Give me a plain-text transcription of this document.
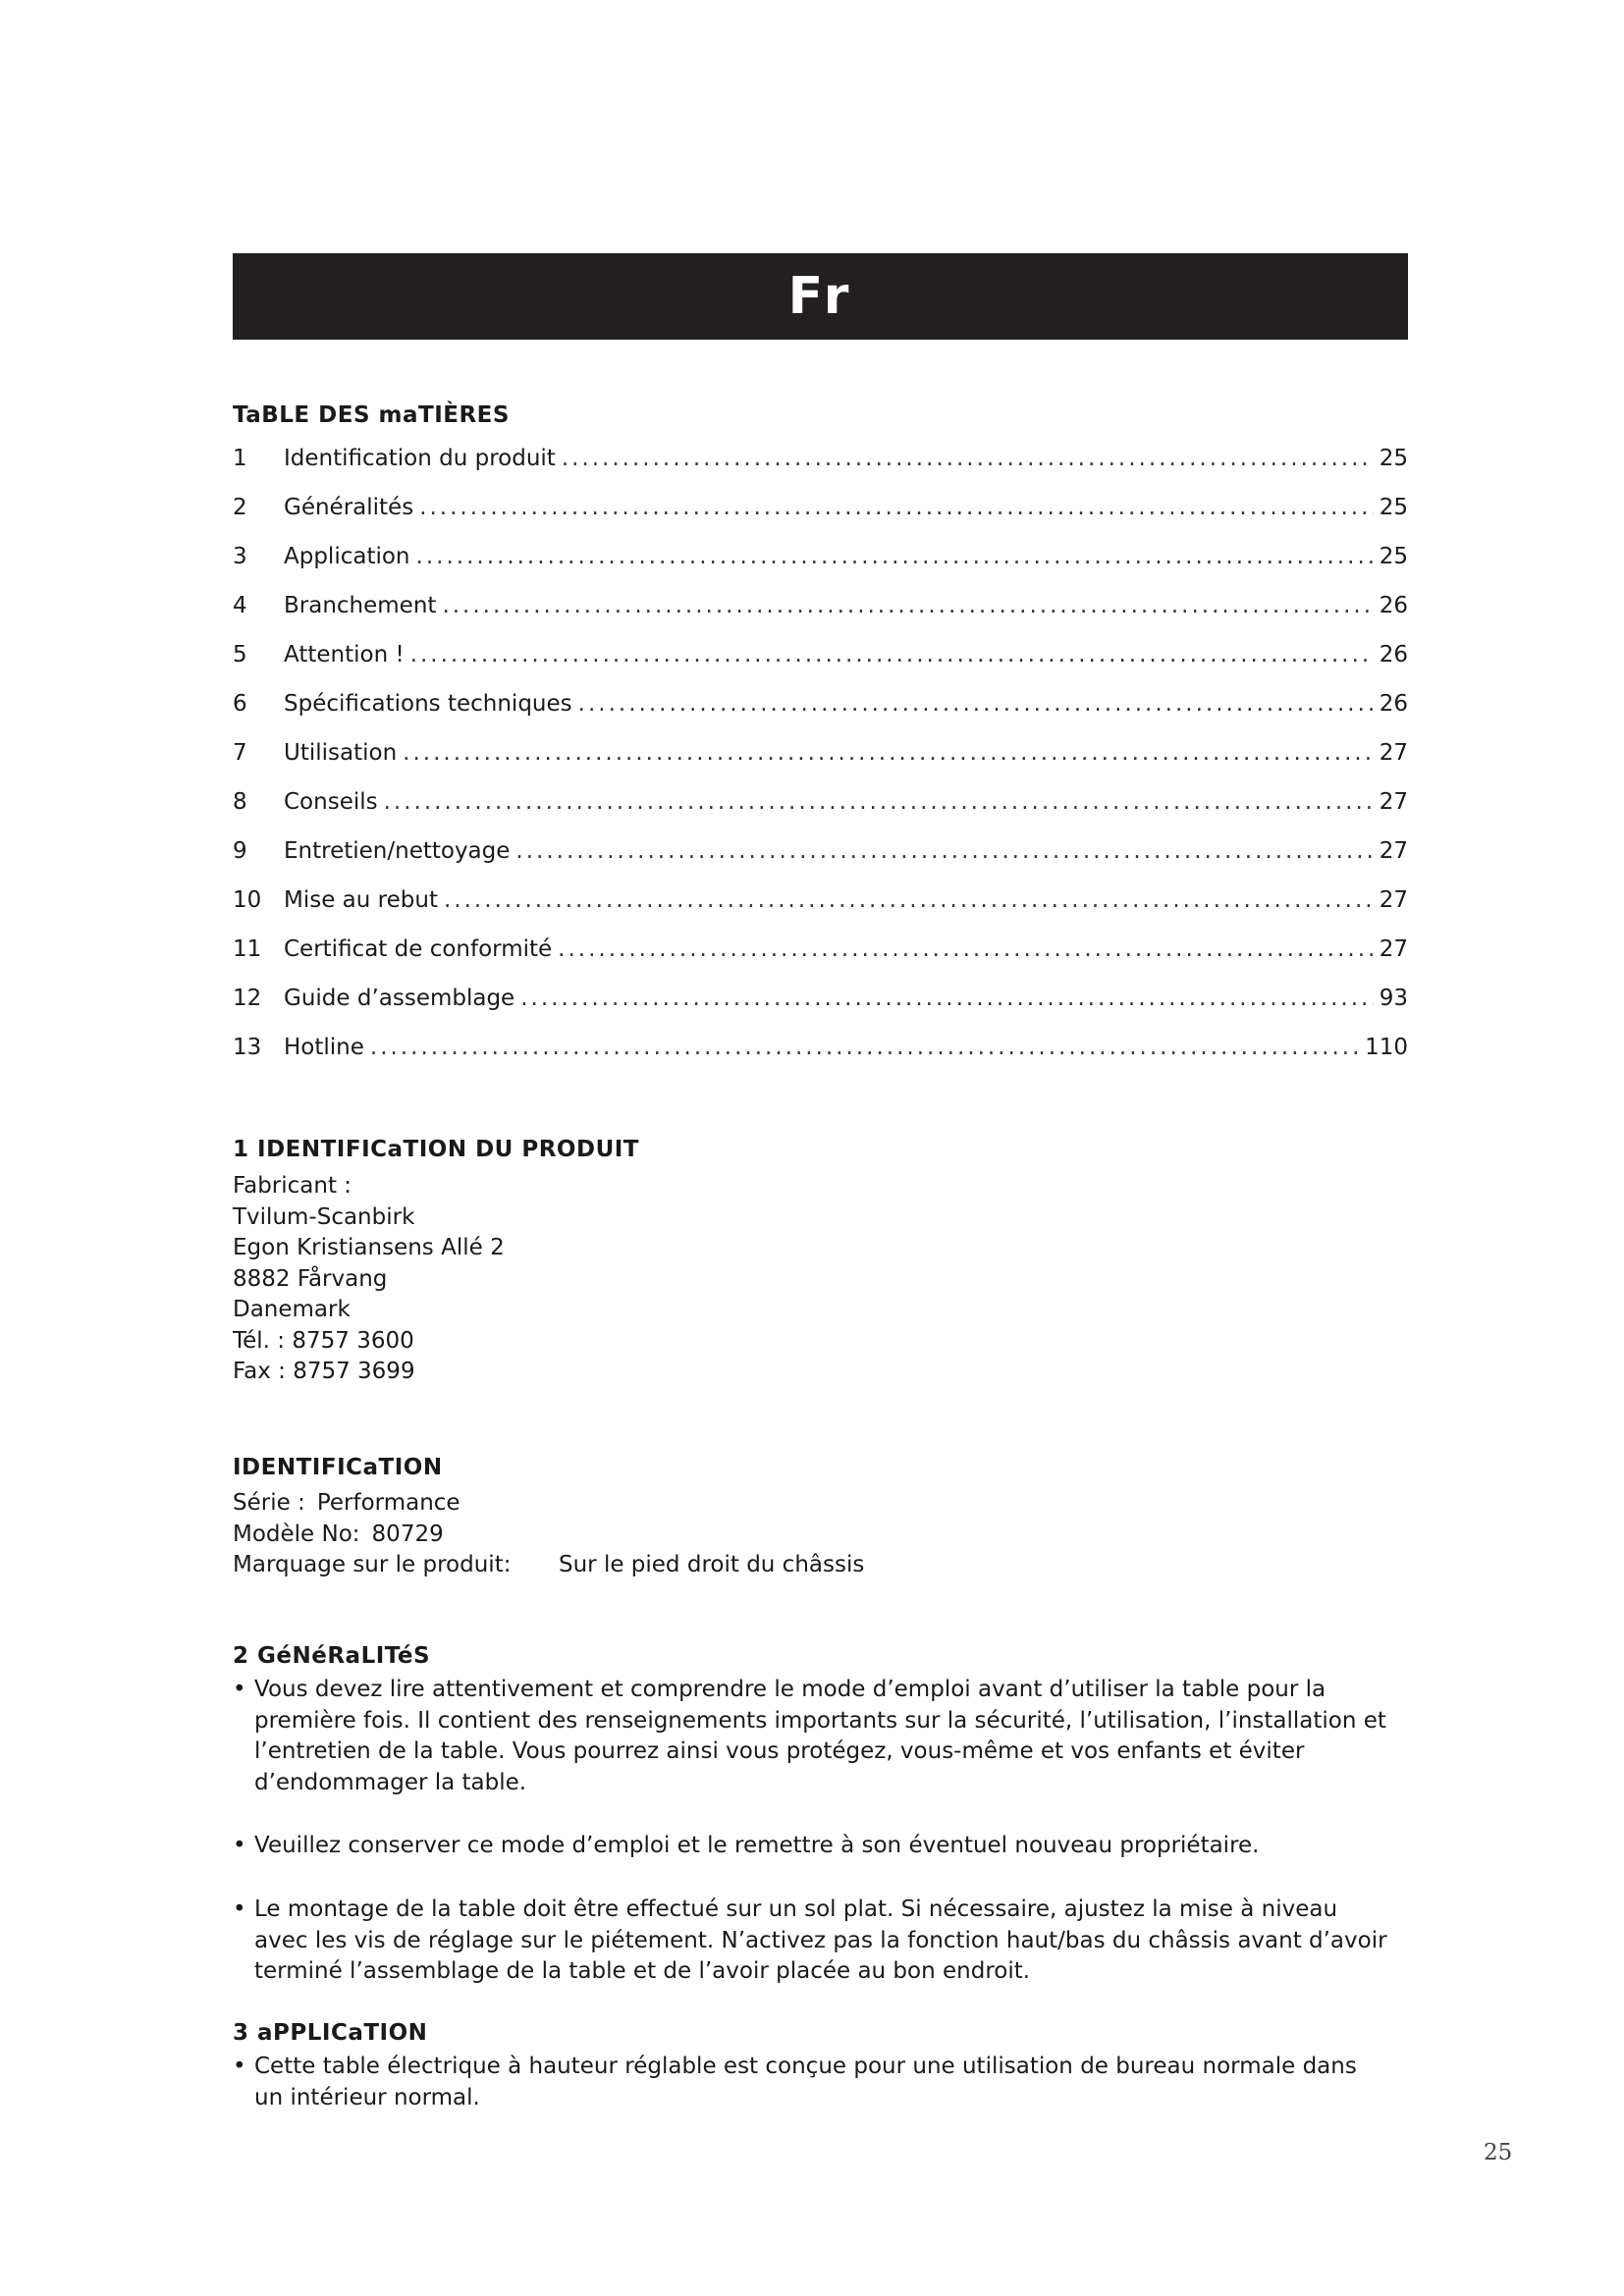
Fr
TaBLE DES maTIÈRES
1	Identification du produit .....	25
2	Généralités .....	25
3	Application .....	25
4	Branchement .....	26
5	Attention ! .....	26
6	Spécifications techniques .....	26
7	Utilisation .....	27
8	Conseils .....	27
9	Entretien/nettoyage .....	27
10 Mise au rebut .....	27
11 Certificat de conformité .....	27
12 Guide d’assemblage .....	93
13 Hotline .....	110
1 IDENTIFICaTION DU PRODUIT
Fabricant :
Tvilum-Scanbirk
Egon Kristiansens Allé 2
8882 Fårvang
Danemark
Tél. : 8757 3600
Fax : 8757 3699
IDENTIFICaTION
Série : Performance
Modèle No: 80729
Marquage sur le produit:	Sur le pied droit du châssis
2 GéNéRaLITéS
• Vous devez lire attentivement et comprendre le mode d’emploi avant d’utiliser la table pour la première fois. Il contient des renseignements importants sur la sécurité, l’utilisation, l’installation et l’entretien de la table. Vous pourrez ainsi vous protégez, vous-même et vos enfants et éviter d’endommager la table.
• Veuillez conserver ce mode d’emploi et le remettre à son éventuel nouveau propriétaire.
• Le montage de la table doit être effectué sur un sol plat. Si nécessaire, ajustez la mise à niveau avec les vis de réglage sur le piétement. N’activez pas la fonction haut/bas du châssis avant d’avoir terminé l’assemblage de la table et de l’avoir placée au bon endroit.
3 aPPLICaTION
• Cette table électrique à hauteur réglable est conçue pour une utilisation de bureau normale dans un intérieur normal.
25
